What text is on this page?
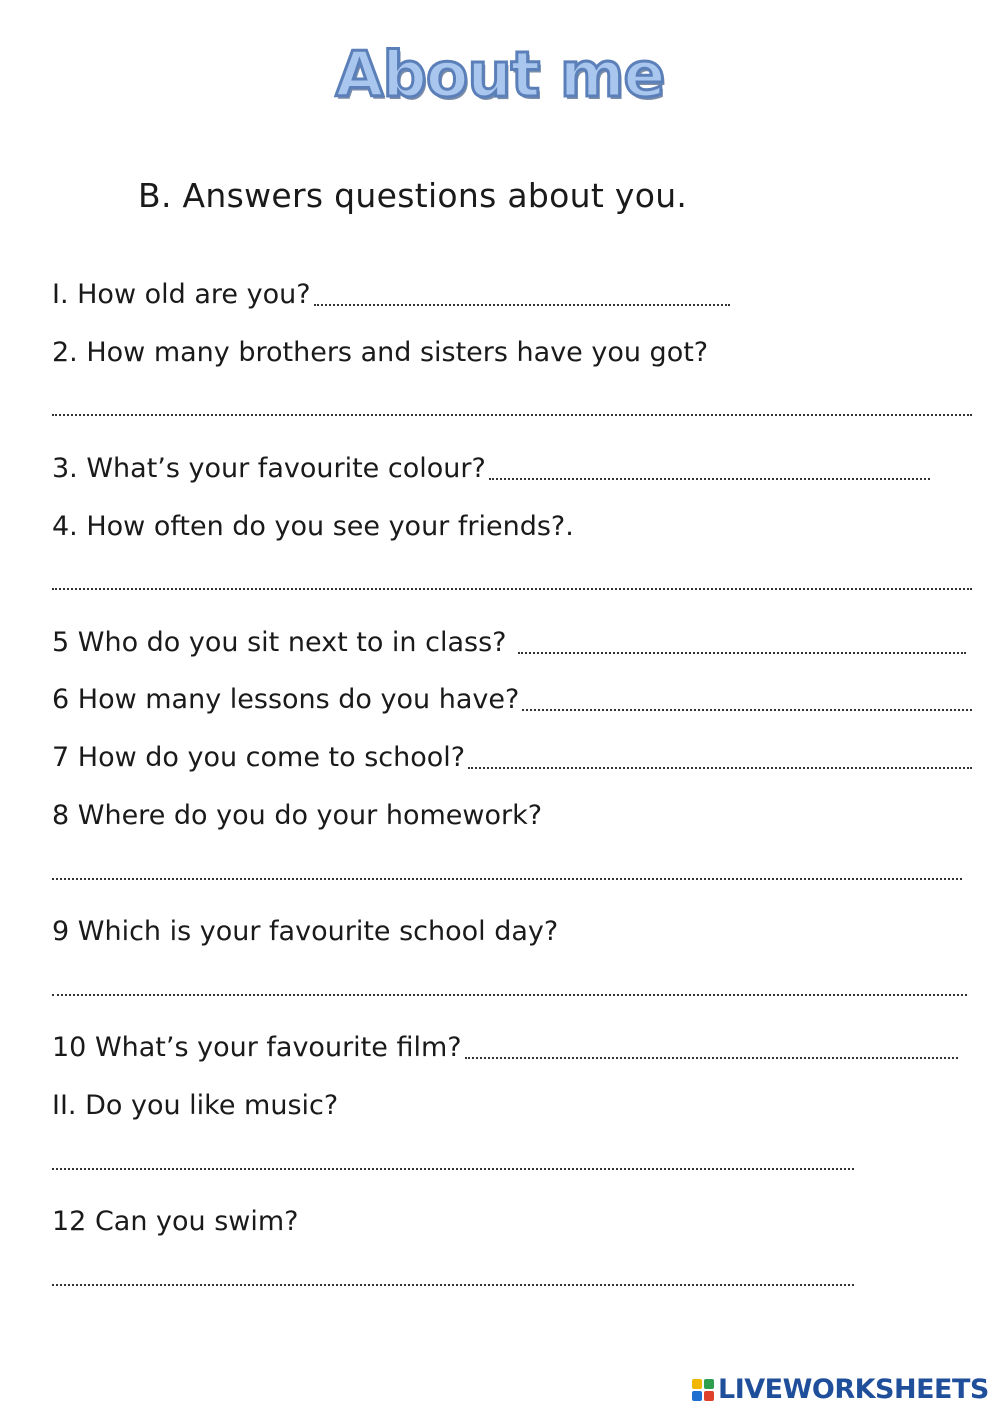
About me
B. Answers questions about you.
I. How old are you?
2. How many brothers and sisters have you got?
3. What’s your favourite colour?
4. How often do you see your friends?.
5 Who do you sit next to in class?
6 How many lessons do you have?
7 How do you come to school?
8 Where do you do your homework?
9 Which is your favourite school day?
10 What’s your favourite film?
II. Do you like music?
12 Can you swim?
LIVEWORKSHEETS
